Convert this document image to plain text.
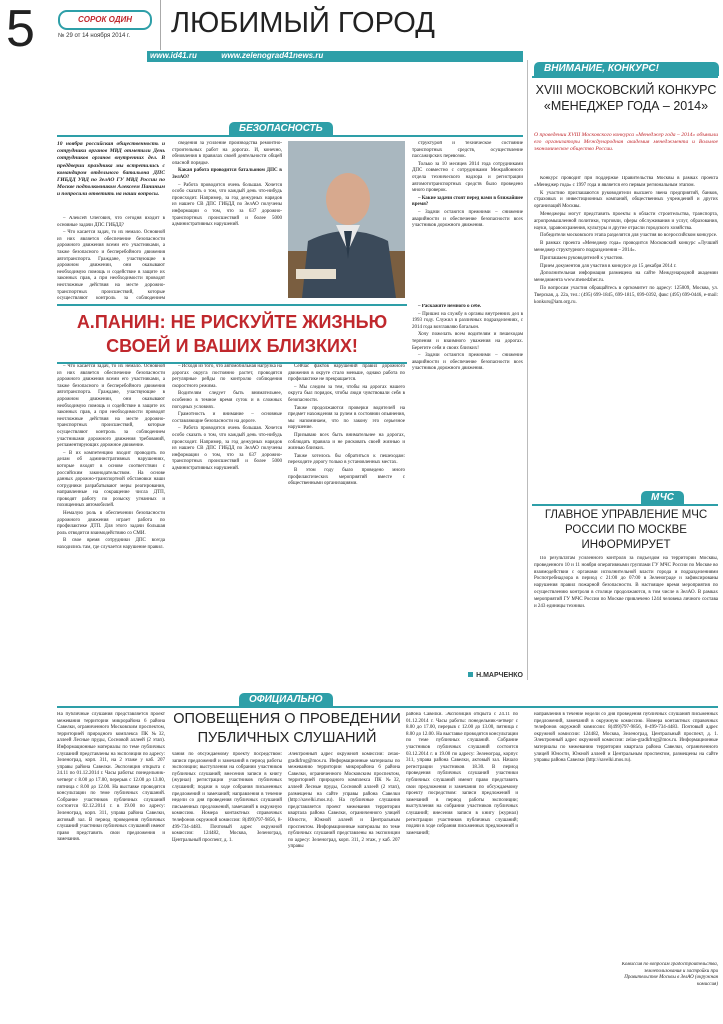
5	СОРОК ОДИН
№ 29 от 14 ноября 2014 г.	ЛЮБИМЫЙ ГОРОД
www.id41.ru	www.zelenograd41news.ru
БЕЗОПАСНОСТЬ
10 ноября российская общественность и сотрудники органов МВД отметили День сотрудников органов внутренних дел. В преддверии праздника мы встретились с командиром отдельного батальона ДПС ГИБДД УВД по ЗелАО ГУ МВД России по Москве подполковником Алексеем Паниным и попросили ответить на наши вопросы.

– Алексей Олегович, что сегодня входит в основные задачи ДПС ГИБДД?

– Что касается задач, то их немало. Основной из них является обеспечение безопасности дорожного движения всеми его участниками, а также безопасного и бесперебойного движения автотранспорта. Граждане, участвующие в дорожном движении, они оказывают необходимую помощь и содействие в защите их законных прав, а при необходимости проводят неотложные действия на месте дорожно-транспортных происшествий, которые осуществляют контроль за соблюдением

сведения за усиление производства ремонтно-строительных работ на дорогах. И, конечно, обновления в правилах своей деятельности общей опасной порядке.

Какая работа проводится батальоном ДПС в ЗелАО?

– Работа проводится очень большая. Хочется особо сказать о том, что каждый день что-нибудь происходит. Например, за год дежурных нарядов из нашего СВ ДПС ГИБДД по ЗелАО получены информации о том, что за 637 дорожно-транспортных происшествий и более 5000 административных нарушений.

структурой и техническое состояние транспортных средств, осуществление пассажирских перевозок.

Только за 10 месяцев 2014 года сотрудниками ДПС совместно с сотрудниками Межрайонного отдела технического надзора и регистрации автомототранспортных средств было проведено много проверок.

– Какие задачи стоят перед вами в ближайшее время?

– Задачи остаются прежними – снижение аварийности и обеспечение безопасности всех участников дорожного движения.

А.ПАНИН: НЕ РИСКУЙТЕ ЖИЗНЬЮ СВОЕЙ И ВАШИХ БЛИЗКИХ!

– Что касается задач, то их немало. Основной из них является обеспечение безопасности дорожного движения всеми его участниками, а также безопасного и бесперебойного движения автотранспорта. Граждане, участвующие в дорожном движении, они оказывают необходимую помощь и содействие в защите их законных прав, а при необходимости проводят неотложные действия на месте дорожно-транспортных происшествий, которые осуществляют контроль за соблюдением участниками дорожного движения требований, регламентирующих дорожное движение.

– В их компетенцию входит проводить по делам об административных нарушениях, которые входят в основе соответствии с российским законодательством. На основе данных дорожно-транспортной обстановки наши сотрудники разрабатывают меры реагирования, направленные на сокращение числа ДТП, проводят работу по розыску угнанных и похищенных автомобилей.

Немалую роль в обеспечении безопасности дорожного движения играет работа по профилактике ДТП. Для этого задачи большая роль отводится взаимодействию со СМИ.

В свое время сотрудники ДПС всегда находились там, где случается нарушение правил.

– Исходя из того, что автомобильная нагрузка на дорогах округа постоянно растет, проводятся регулярные рейды по контролю соблюдения скоростного режима.

Водителям следует быть внимательнее, особенно в темное время суток и в сложных погодных условиях.

Грамотность и внимание – основные составляющие безопасности на дороге.

– Работа проводится очень большая. Хочется особо сказать о том, что каждый день что-нибудь происходит. Например, за год дежурных нарядов из нашего СВ ДПС ГИБДД по ЗелАО получены информации о том, что за 637 дорожно-транспортных происшествий и более 5000 административных нарушений.

Сейчас фактов нарушений правил дорожного движения в округе стало меньше, однако работа по профилактике не прекращается.

– Мы следим за тем, чтобы на дорогах нашего округа был порядок, чтобы люди чувствовали себя в безопасности.

Также продолжаются проверки водителей на предмет нахождения за рулем в состоянии опьянения, мы напоминаем, что по закону это серьезное нарушение.

Призываю всех быть внимательнее на дорогах, соблюдать правила и не рисковать своей жизнью и жизнью близких.

Также хотелось бы обратиться к пешеходам: переходите дорогу только в установленных местах.

В этом году было проведено много профилактических мероприятий вместе с общественными организациями.

– Раскажите немного о себе.

– Пришел на службу в органы внутренних дел в 1993 году. Служил в различных подразделениях, с 2014 года возглавляю батальон.

Хочу пожелать всем водителям и пешеходам терпения и взаимного уважения на дорогах. Берегите себя и своих близких!

– Задачи остаются прежними – снижение аварийности и обеспечение безопасности всех участников дорожного движения.

Н.МАРЧЕНКО
ВНИМАНИЕ, КОНКУРС!
XVIII МОСКОВСКИЙ КОНКУРС «МЕНЕДЖЕР ГОДА – 2014»
О проведении XVIII Московского конкурса «Менеджер года – 2014» объявили его организаторы Международная академия менеджмента и Вольное экономическое общество России.

Конкурс проводит при поддержке Правительства Москвы в рамках проекта «Менеджер года» с 1997 года и является его первым региональным этапом.

К участию приглашаются руководители высшего звена предприятий, банков, страховых и инвестиционных компаний, общественных учреждений и других организаций Москвы.

Менеджеры могут представить проекты в области строительства, транспорта, агропромышленной политики, торговли, сферы обслуживания и услуг, образования, науки, здравоохранения, культуры и другие отрасли городского хозяйства.

Победители московского этапа разделятся для участия во всероссийском конкурсе.

В рамках проекта «Менеджер года» проводится Московский конкурс «Лучший менеджер структурного подразделения – 2014».

Приглашаем руководителей к участию.

Прием документов для участия в конкурсе до 15 декабря 2014 г.

Дополнительная информация размещена на сайте Международной академии менеджмента www.menedzher.ru.

По вопросам участия обращайтесь в оргкомитет по адресу: 125009, Москва, ул. Тверская, д. 22а, тел.: (495) 699-1845, 699-1815, 699-0392, факс (495) 699-0446, e-mail: konkurs@iam.org.ru.

МЧС
ГЛАВНОЕ УПРАВЛЕНИЕ МЧС РОССИИ ПО МОСКВЕ ИНФОРМИРУЕТ

По результатам усиленного контроля за подъездом на территории Москвы, проведенного 10 и 11 ноября оперативными группами ГУ МЧС России по Москве во взаимодействии с органами исполнительной власти города и подразделениями Роспотребнадзора в период с 21:00 до 07:00 в Зеленограде и зафиксированы нарушения правил пожарной безопасности. В настоящее время мероприятия по осуществлению контроля в столице продолжаются, в том числе в ЗелАО. В рамках мероприятий ГУ МЧС России по Москве привлечено 1244 человека личного состава и 243 единицы техники.

ОФИЦИАЛЬНО
ОПОВЕЩЕНИЯ О ПРОВЕДЕНИИ ПУБЛИЧНЫХ СЛУШАНИЙ
На публичные слушания представляется проект межевания территории микрорайона 6 района Савелки, ограниченного Московским проспектом, территорией природного комплекса ПК №32, аллеей Лесные пруды, Сосновой аллеей (2 этап). Информационные материалы по теме публичных слушаний представлены на экспозиции по адресу: Зеленоград, корп. 311, на 2 этаже у каб. 207 управы района Савелки. Экспозиция открыта с 24.11 по 01.12.2014 г. Часы работы: понедельник-четверг с 8.00 до 17.00, перерыв с 12.00 до 13.00, пятница с 8.00 до 12.00. На выставке проводятся консультации по теме публичных слушаний. Собрание участников публичных слушаний состоится 02.12.2014 г. в 19.00 по адресу: Зеленоград, корп. 311, управа района Савелки, актовый зал. В период проведения публичных слушаний участники публичных слушаний имеют право представить свои предложения и замечания.
чания по обсуждаемому проекту посредством: записи предложений и замечаний в период работы экспозиции; выступления на собрании участников публичных слушаний; внесения записи в книгу (журнал) регистрации участников публичных слушаний; подачи в ходе собрания письменных предложений и замечаний; направления в течение недели со дня проведения публичных слушаний письменных предложений, замечаний в окружную комиссию. Номера контактных справочных телефонов окружной комиссии: 8(499)797-9856, 8-499-734-4483. Почтовый адрес окружной комиссии: 124482, Москва, Зеленоград, Центральный проспект, д. 1.
Электронный адрес окружной комиссии: zelao-gradkfrog@mos.ru. Информационные материалы по межеванию территории микрорайона 6 района Савелки, ограниченного Московским проспектом, территорией природного комплекса ПК №32, аллеей Лесные пруды, Сосновой аллеей (2 этап), размещены на сайте управы района Савелки (http://savelki.mos.ru). На публичные слушания представляется проект межевания территории квартала района Савелки, ограниченного улицей Юности, Южной аллеей и Центральным проспектом. Информационные материалы по теме публичных слушаний представлены на экспозиции по адресу: Зеленоград, корп. 311, 2 этаж, у каб. 207 управы
района Савелки. Экспозиция открыта с 24.11 по 01.12.2014 г. Часы работы: понедельник-четверг с 8.00 до 17.00, перерыв с 12.00 до 13.00, пятница с 8.00 до 12.00. На выставке проводятся консультации по теме публичных слушаний. Собрание участников публичных слушаний состоится 03.12.2014 г. в 19.00 по адресу: Зеленоград, корпус 311, управа района Савелки, актовый зал. Начало регистрации участников 18.30. В период проведения публичных слушаний участники публичных слушаний имеют право представить свои предложения и замечания по обсуждаемому проекту посредством: записи предложений и замечаний в период работы экспозиции; выступления на собрании участников публичных слушаний; внесения записи в книгу (журнал) регистрации участников публичных слушаний; подачи в ходе собрания письменных предложений и замечаний;
направления в течение недели со дня проведения публичных слушаний письменных предложений, замечаний в окружную комиссию. Номера контактных справочных телефонов окружной комиссии: 8(499)797-9856, 8-499-734-4483. Почтовый адрес окружной комиссии: 124482, Москва, Зеленоград, Центральный проспект, д. 1. Электронный адрес окружной комиссии: zelao-gradkfrog@mos.ru. Информационные материалы по межеванию территории квартала района Савелки, ограниченного улицей Юности, Южной аллеей и Центральным проспектом, размещены на сайте управы района Савелки (http://savelki.mos.ru).
Комиссия по вопросам градостроительства, землепользования и застройки при Правительстве Москвы в ЗелАО (окружная комиссия)
